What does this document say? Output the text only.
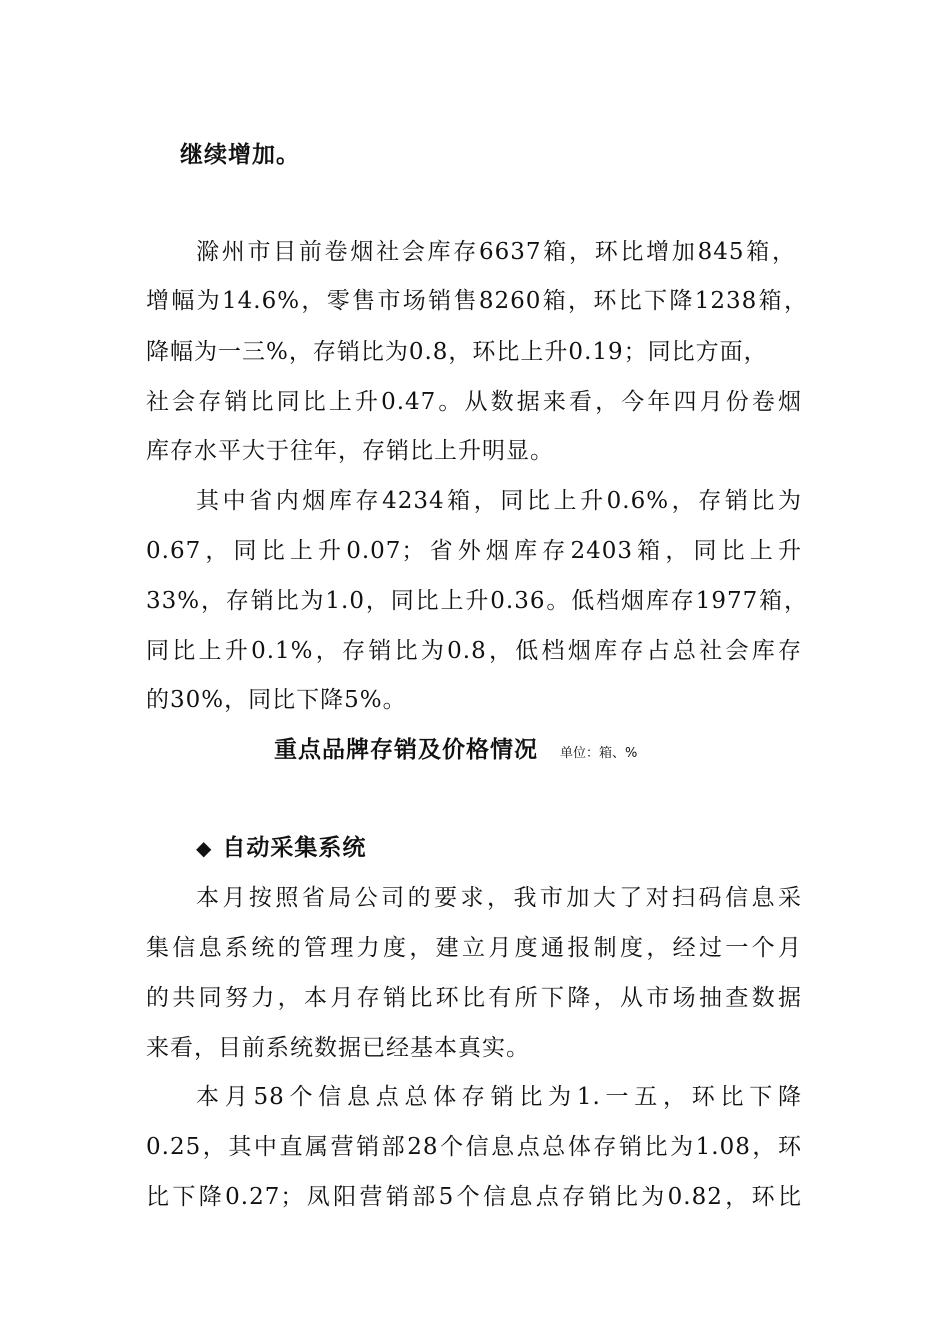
继续增加。
滁州市目前卷烟社会库存6637箱，环比增加845箱，
增幅为14.6%，零售市场销售8260箱，环比下降1238箱，
降幅为一三%，存销比为0.8，环比上升0.19；同比方面，
社会存销比同比上升0.47。从数据来看，今年四月份卷烟
库存水平大于往年，存销比上升明显。
其中省内烟库存4234箱，同比上升0.6%，存销比为
0.67，同比上升0.07；省外烟库存2403箱，同比上升
33%，存销比为1.0，同比上升0.36。低档烟库存1977箱，
同比上升0.1%，存销比为0.8，低档烟库存占总社会库存
的30%，同比下降5%。
重点品牌存销及价格情况 单位：箱、%
◆ 自动采集系统
本月按照省局公司的要求，我市加大了对扫码信息采
集信息系统的管理力度，建立月度通报制度，经过一个月
的共同努力，本月存销比环比有所下降，从市场抽查数据
来看，目前系统数据已经基本真实。
本月58个信息点总体存销比为1.一五，环比下降
0.25，其中直属营销部28个信息点总体存销比为1.08，环
比下降0.27；凤阳营销部5个信息点存销比为0.82，环比
